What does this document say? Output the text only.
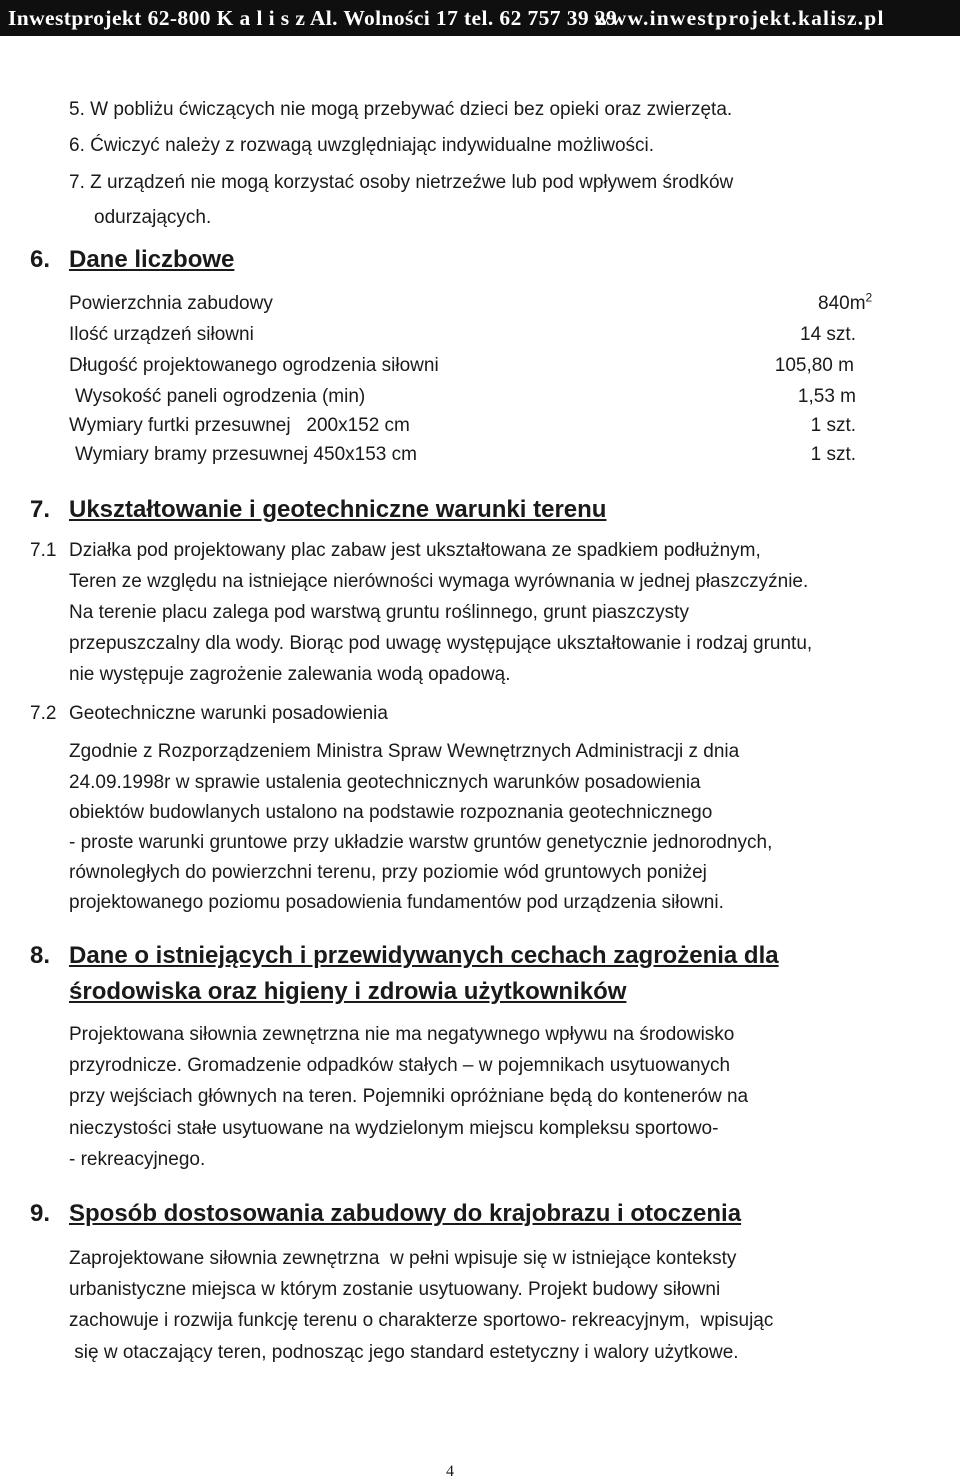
Inwestprojekt 62-800 K a l i s z Al. Wolności 17 tel. 62 757 39 29
www.inwestprojekt.kalisz.pl
5. W pobliżu ćwiczących nie mogą przebywać dzieci bez opieki oraz zwierzęta.
6. Ćwiczyć należy z rozwagą uwzględniając indywidualne możliwości.
7. Z urządzeń nie mogą korzystać osoby nietrzeźwe lub pod wpływem środków
odurzających.
6. Dane liczbowe
Powierzchnia zabudowy	$840m^2$
Ilość urządzeń siłowni	14 szt.
Długość projektowanego ogrodzenia siłowni	105,80 m
Wysokość paneli ogrodzenia (min)	1,53 m
Wymiary furtki przesuwnej   200x152 cm	1 szt.
Wymiary bramy przesuwnej 450x153 cm	1 szt.
7. Ukształtowanie i geotechniczne warunki terenu
7.1 Działka pod projektowany plac zabaw jest ukształtowana ze spadkiem podłużnym,
Teren ze względu na istniejące nierówności wymaga wyrównania w jednej płaszczyźnie.
Na terenie placu zalega pod warstwą gruntu roślinnego, grunt piaszczysty
przepuszczalny dla wody. Biorąc pod uwagę występujące ukształtowanie i rodzaj gruntu,
nie występuje zagrożenie zalewania wodą opadową.
7.2 Geotechniczne warunki posadowienia
Zgodnie z Rozporządzeniem Ministra Spraw Wewnętrznych Administracji z dnia
24.09.1998r w sprawie ustalenia geotechnicznych warunków posadowienia
obiektów budowlanych ustalono na podstawie rozpoznania geotechnicznego
- proste warunki gruntowe przy układzie warstw gruntów genetycznie jednorodnych,
równoległych do powierzchni terenu, przy poziomie wód gruntowych poniżej
projektowanego poziomu posadowienia fundamentów pod urządzenia siłowni.
8. Dane o istniejących i przewidywanych cechach zagrożenia dla
środowiska oraz higieny i zdrowia użytkowników
Projektowana siłownia zewnętrzna nie ma negatywnego wpływu na środowisko
przyrodnicze. Gromadzenie odpadków stałych – w pojemnikach usytuowanych
przy wejściach głównych na teren. Pojemniki opróżniane będą do kontenerów na
nieczystości stałe usytuowane na wydzielonym miejscu kompleksu sportowo-
- rekreacyjnego.
9. Sposób dostosowania zabudowy do krajobrazu i otoczenia
Zaprojektowane siłownia zewnętrzna  w pełni wpisuje się w istniejące konteksty
urbanistyczne miejsca w którym zostanie usytuowany. Projekt budowy siłowni
zachowuje i rozwija funkcję terenu o charakterze sportowo- rekreacyjnym,  wpisując
się w otaczający teren, podnosząc jego standard estetyczny i walory użytkowe.
4
